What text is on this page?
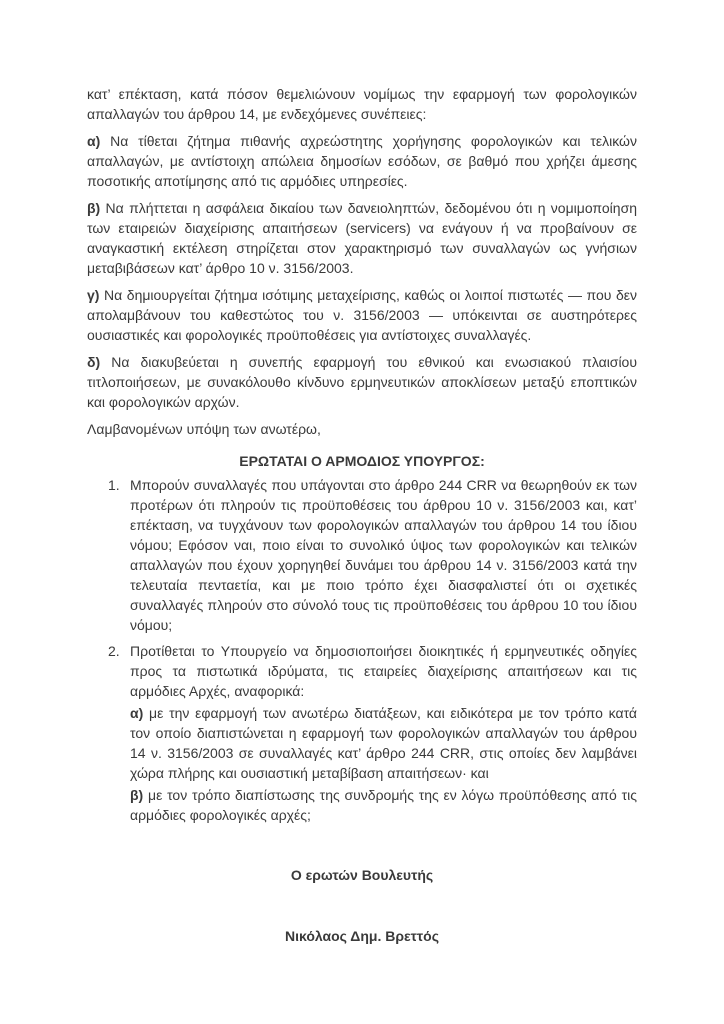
κατ’ επέκταση, κατά πόσον θεμελιώνουν νομίμως την εφαρμογή των φορολογικών απαλλαγών του άρθρου 14, με ενδεχόμενες συνέπειες:

α) Να τίθεται ζήτημα πιθανής αχρεώστητης χορήγησης φορολογικών και τελικών απαλλαγών, με αντίστοιχη απώλεια δημοσίων εσόδων, σε βαθμό που χρήζει άμεσης ποσοτικής αποτίμησης από τις αρμόδιες υπηρεσίες.

β) Να πλήττεται η ασφάλεια δικαίου των δανειοληπτών, δεδομένου ότι η νομιμοποίηση των εταιρειών διαχείρισης απαιτήσεων (servicers) να ενάγουν ή να προβαίνουν σε αναγκαστική εκτέλεση στηρίζεται στον χαρακτηρισμό των συναλλαγών ως γνήσιων μεταβιβάσεων κατ’ άρθρο 10 ν. 3156/2003.

γ) Να δημιουργείται ζήτημα ισότιμης μεταχείρισης, καθώς οι λοιποί πιστωτές — που δεν απολαμβάνουν του καθεστώτος του ν. 3156/2003 — υπόκεινται σε αυστηρότερες ουσιαστικές και φορολογικές προϋποθέσεις για αντίστοιχες συναλλαγές.

δ) Να διακυβεύεται η συνεπής εφαρμογή του εθνικού και ενωσιακού πλαισίου τιτλοποιήσεων, με συνακόλουθο κίνδυνο ερμηνευτικών αποκλίσεων μεταξύ εποπτικών και φορολογικών αρχών.

Λαμβανομένων υπόψη των ανωτέρω,

ΕΡΩΤΑΤΑΙ Ο ΑΡΜΟΔΙΟΣ ΥΠΟΥΡΓΟΣ:

1. Μπορούν συναλλαγές που υπάγονται στο άρθρο 244 CRR να θεωρηθούν εκ των προτέρων ότι πληρούν τις προϋποθέσεις του άρθρου 10 ν. 3156/2003 και, κατ’ επέκταση, να τυγχάνουν των φορολογικών απαλλαγών του άρθρου 14 του ίδιου νόμου; Εφόσον ναι, ποιο είναι το συνολικό ύψος των φορολογικών και τελικών απαλλαγών που έχουν χορηγηθεί δυνάμει του άρθρου 14 ν. 3156/2003 κατά την τελευταία πενταετία, και με ποιο τρόπο έχει διασφαλιστεί ότι οι σχετικές συναλλαγές πληρούν στο σύνολό τους τις προϋποθέσεις του άρθρου 10 του ίδιου νόμου;

2. Προτίθεται το Υπουργείο να δημοσιοποιήσει διοικητικές ή ερμηνευτικές οδηγίες προς τα πιστωτικά ιδρύματα, τις εταιρείες διαχείρισης απαιτήσεων και τις αρμόδιες Αρχές, αναφορικά:

α) με την εφαρμογή των ανωτέρω διατάξεων, και ειδικότερα με τον τρόπο κατά τον οποίο διαπιστώνεται η εφαρμογή των φορολογικών απαλλαγών του άρθρου 14 ν. 3156/2003 σε συναλλαγές κατ’ άρθρο 244 CRR, στις οποίες δεν λαμβάνει χώρα πλήρης και ουσιαστική μεταβίβαση απαιτήσεων· και

β) με τον τρόπο διαπίστωσης της συνδρομής της εν λόγω προϋπόθεσης από τις αρμόδιες φορολογικές αρχές;

Ο ερωτών Βουλευτής

Νικόλαος Δημ. Βρεττός
